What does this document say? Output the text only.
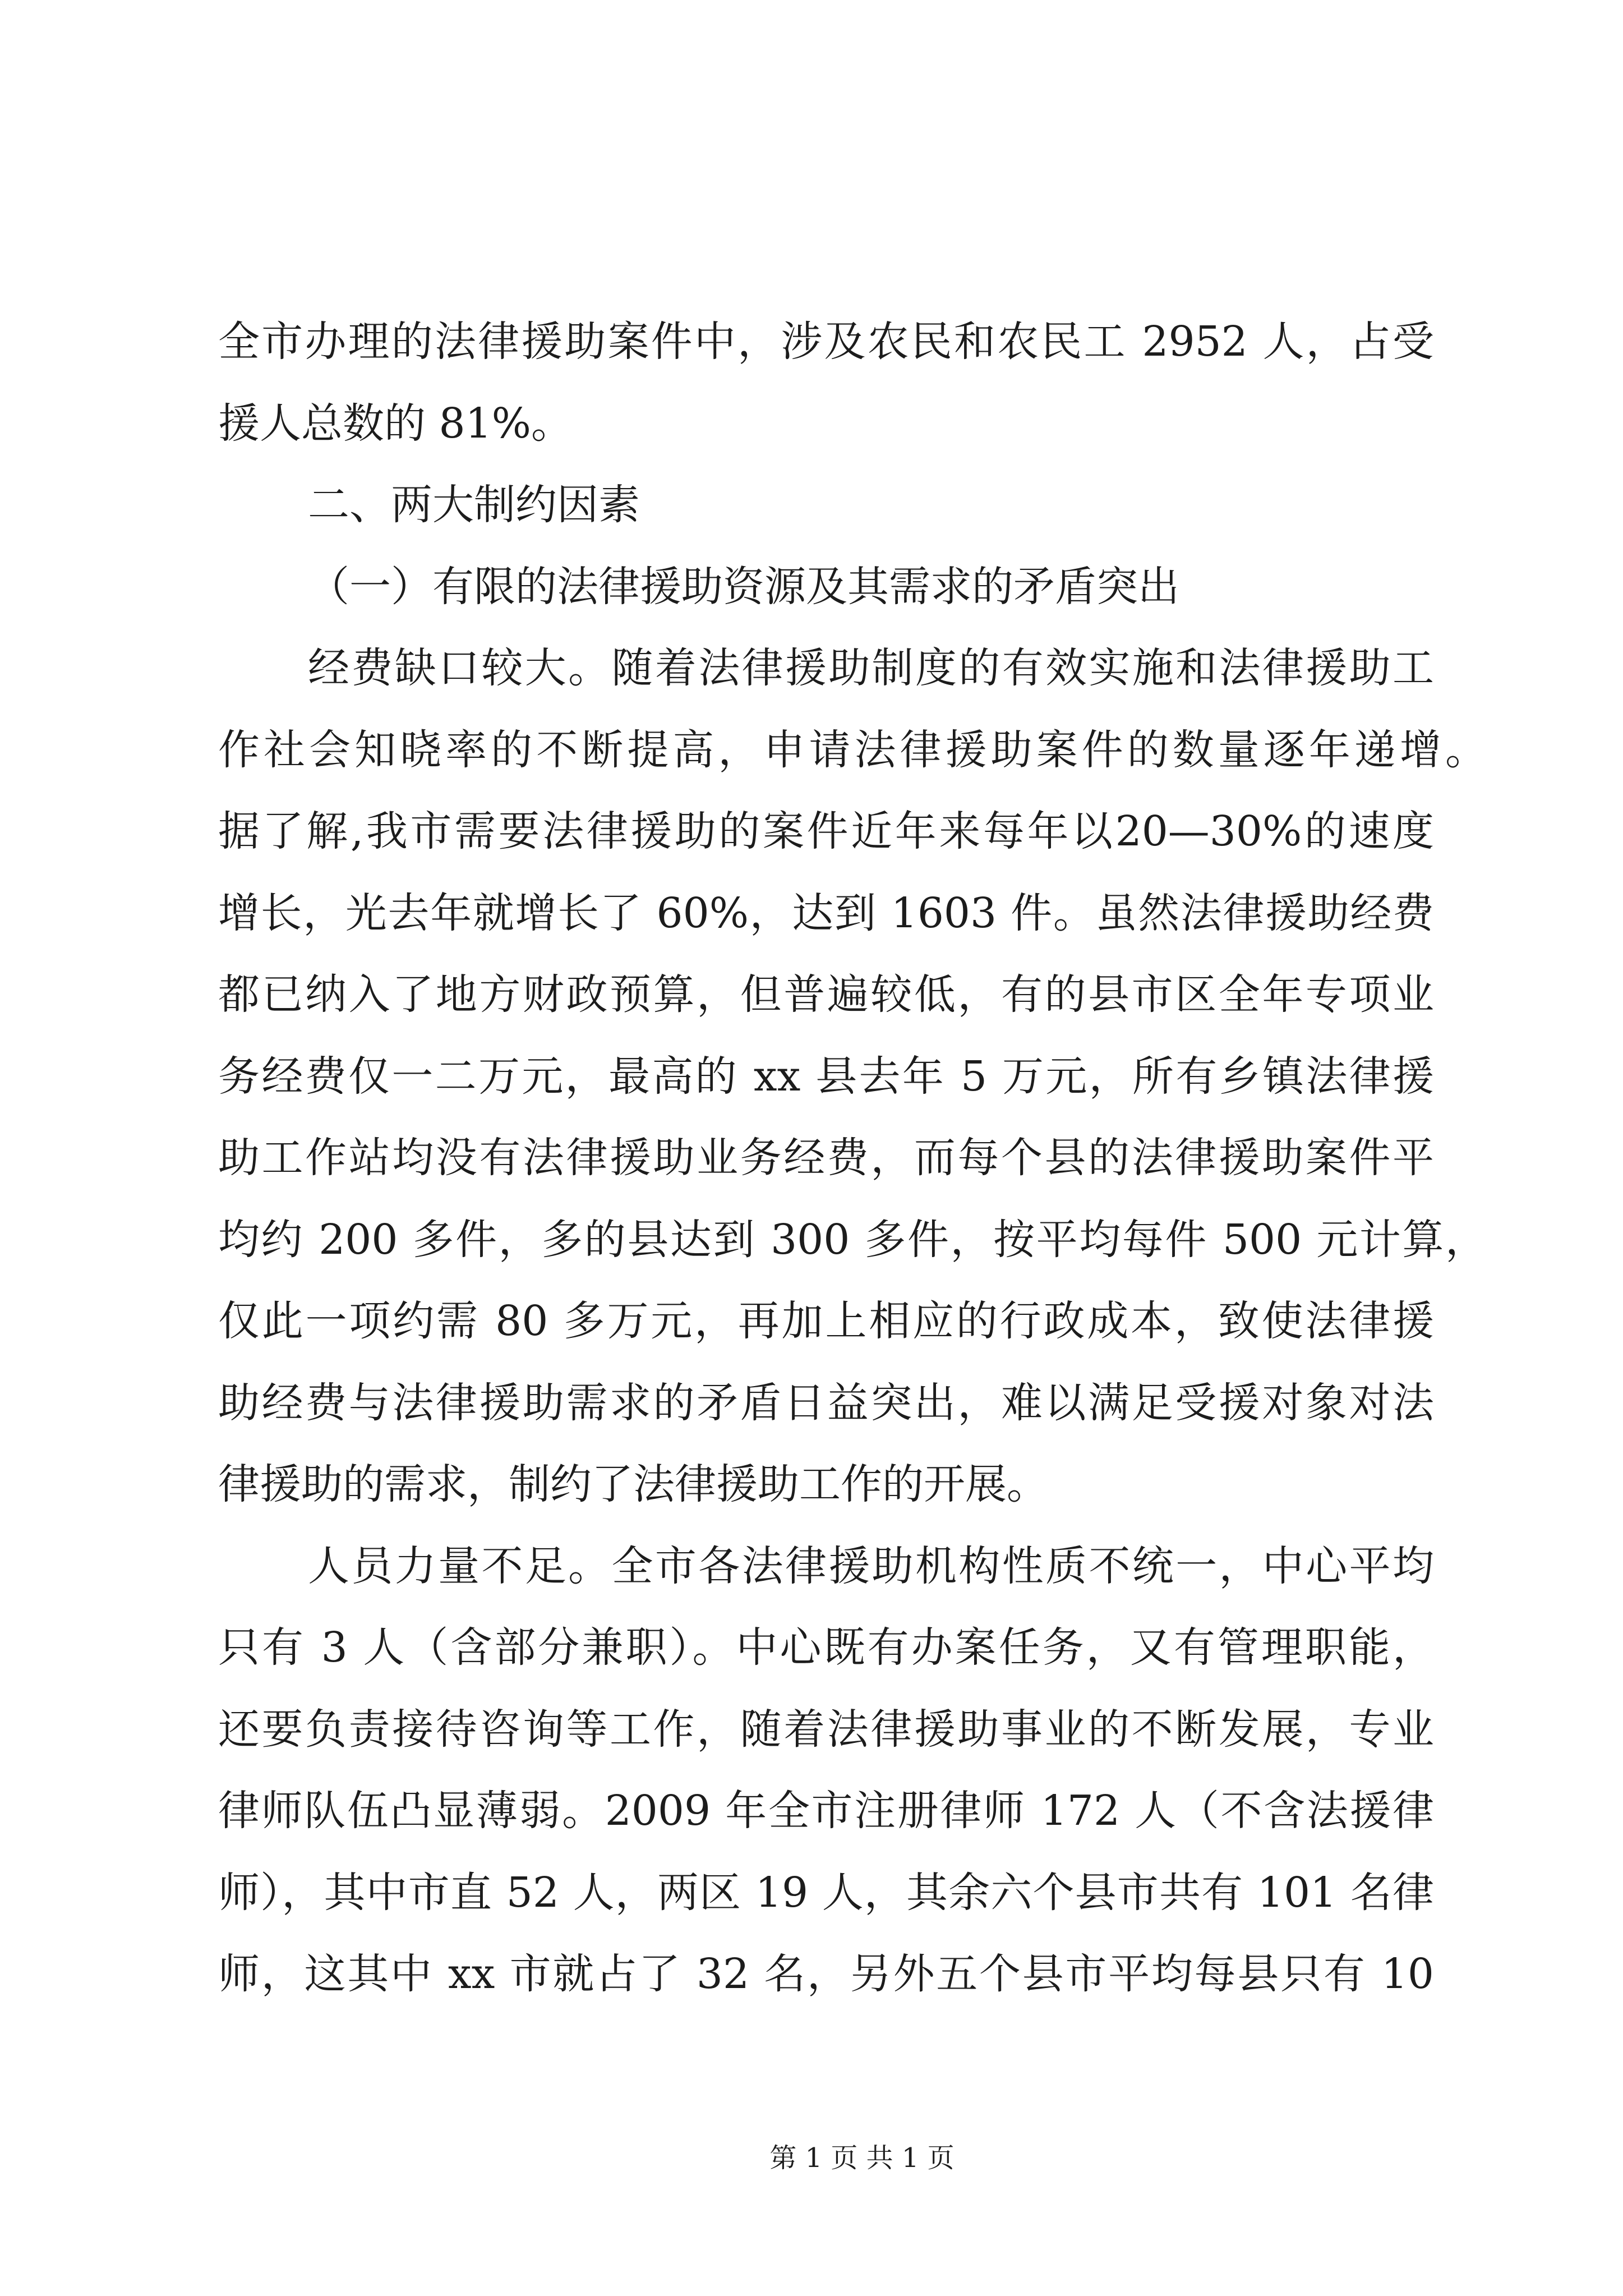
全市办理的法律援助案件中，涉及农民和农民工 2952 人，占受
援人总数的 81%。
二、两大制约因素
（一）有限的法律援助资源及其需求的矛盾突出
经费缺口较大。随着法律援助制度的有效实施和法律援助工
作社会知晓率的不断提高，申请法律援助案件的数量逐年递增。
据了解,我市需要法律援助的案件近年来每年以20—30%的速度
增长，光去年就增长了 60%，达到 1603 件。虽然法律援助经费
都已纳入了地方财政预算，但普遍较低，有的县市区全年专项业
务经费仅一二万元，最高的 xx 县去年 5 万元，所有乡镇法律援
助工作站均没有法律援助业务经费，而每个县的法律援助案件平
均约 200 多件，多的县达到 300 多件，按平均每件 500 元计算，
仅此一项约需 80 多万元，再加上相应的行政成本，致使法律援
助经费与法律援助需求的矛盾日益突出，难以满足受援对象对法
律援助的需求，制约了法律援助工作的开展。
人员力量不足。全市各法律援助机构性质不统一，中心平均
只有 3 人（含部分兼职）。中心既有办案任务，又有管理职能，
还要负责接待咨询等工作，随着法律援助事业的不断发展，专业
律师队伍凸显薄弱。2009 年全市注册律师 172 人（不含法援律
师），其中市直 52 人，两区 19 人，其余六个县市共有 101 名律
师，这其中 xx 市就占了 32 名，另外五个县市平均每县只有 10
第 1 页 共 1 页
